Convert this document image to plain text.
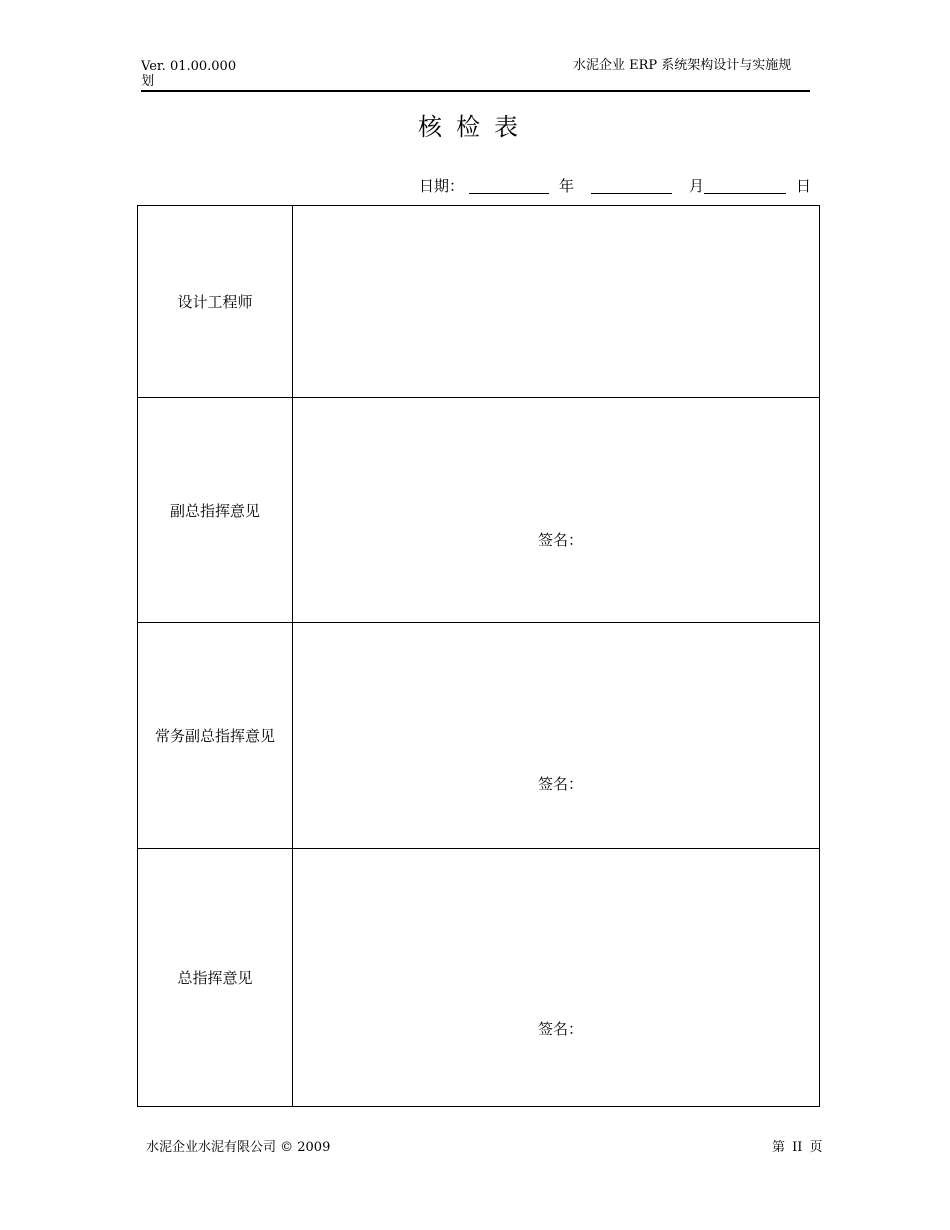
Ver. 01.00.000
划
水泥企业 ERP 系统架构设计与实施规
核检表
日期：	年	月	日
设计工程师	
副总指挥意见	签名：

常务副总指挥意见	签名：

总指挥意见	签名：
水泥企业水泥有限公司 © 2009	第 II 页
